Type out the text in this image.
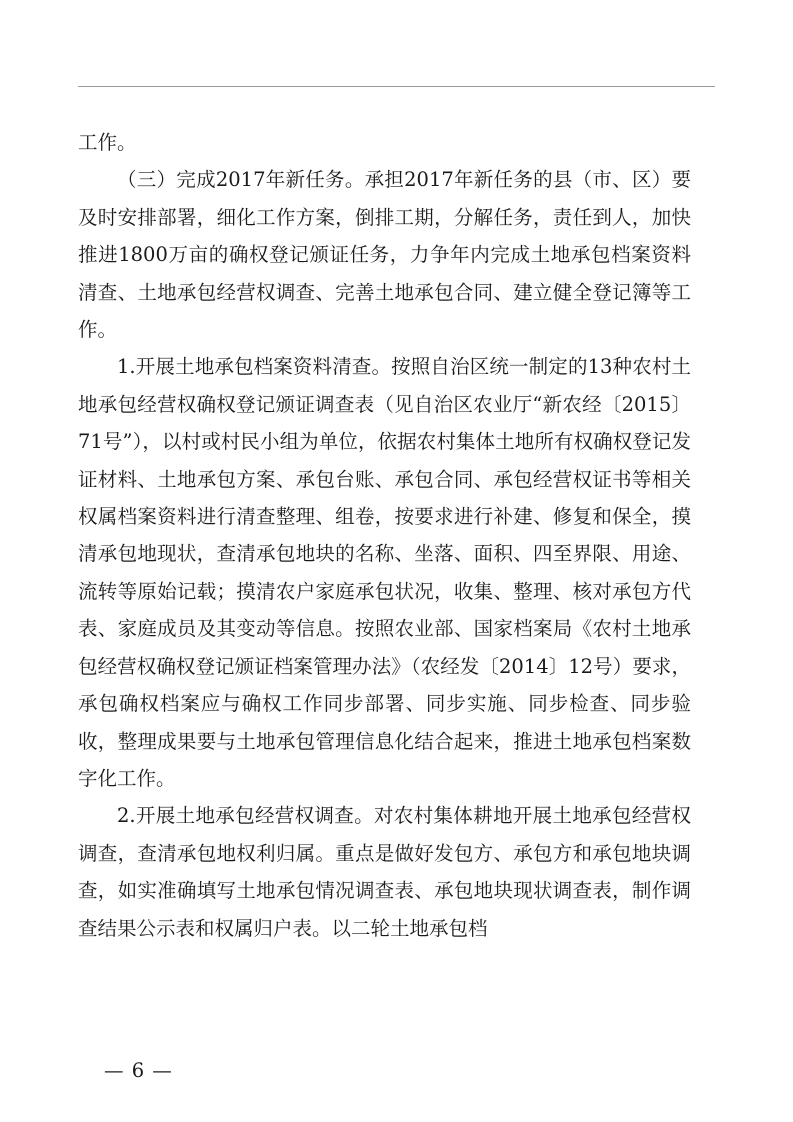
工作。

（三）完成2017年新任务。承担2017年新任务的县（市、区）要及时安排部署，细化工作方案，倒排工期，分解任务，责任到人，加快推进1800万亩的确权登记颁证任务，力争年内完成土地承包档案资料清查、土地承包经营权调查、完善土地承包合同、建立健全登记簿等工作。

1.开展土地承包档案资料清查。按照自治区统一制定的13种农村土地承包经营权确权登记颁证调查表（见自治区农业厅“新农经〔2015〕71号”），以村或村民小组为单位，依据农村集体土地所有权确权登记发证材料、土地承包方案、承包台账、承包合同、承包经营权证书等相关权属档案资料进行清查整理、组卷，按要求进行补建、修复和保全，摸清承包地现状，查清承包地块的名称、坐落、面积、四至界限、用途、流转等原始记载；摸清农户家庭承包状况，收集、整理、核对承包方代表、家庭成员及其变动等信息。按照农业部、国家档案局《农村土地承包经营权确权登记颁证档案管理办法》（农经发〔2014〕12号）要求，承包确权档案应与确权工作同步部署、同步实施、同步检查、同步验收，整理成果要与土地承包管理信息化结合起来，推进土地承包档案数字化工作。

2.开展土地承包经营权调查。对农村集体耕地开展土地承包经营权调查，查清承包地权利归属。重点是做好发包方、承包方和承包地块调查，如实准确填写土地承包情况调查表、承包地块现状调查表，制作调查结果公示表和权属归户表。以二轮土地承包档

— 6 —
